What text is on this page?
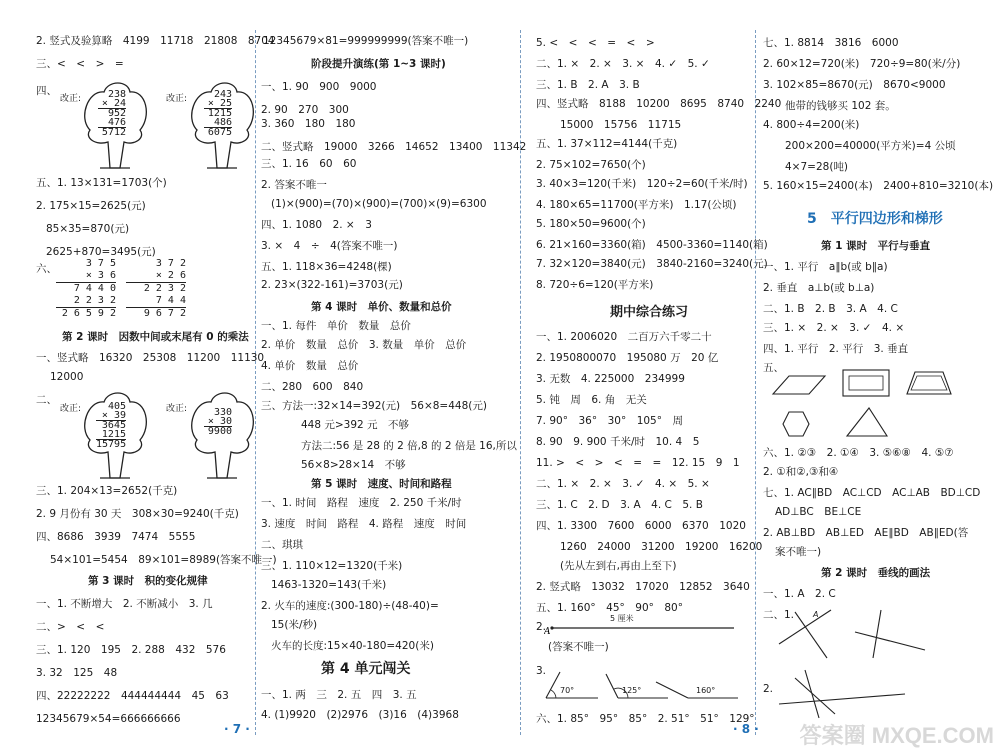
2. 竖式及验算略　4199　11718　21808　8704
三、<　<　>　=
四、
改正:	238
× 24
952
476
5712
改正:	243
× 25
1215
486
6075
五、1. 13×131=1703(个)
2. 175×15=2625(元)
85×35=870(元)
2625+870=3495(元)
六、	3 7 5
× 3 6
7 4 4 0
2 2 3 2
2 6 5 9 2
3 7 2
× 2 6
2 2 3 2
7 4 4
9 6 7 2
第 2 课时　因数中间或末尾有 0 的乘法
一、竖式略　16320　25308　11200　11130
12000
二、
改正:	405
× 39
3645
1215
15795
改正:	330
× 30
9900
三、1. 204×13=2652(千克)
2. 9 月份有 30 天　308×30=9240(千克)
四、8686　3939　7474　5555
54×101=5454　89×101=8989(答案不唯一)
第 3 课时　积的变化规律
一、1. 不断增大　2. 不断减小　3. 几
二、>　<　<
三、1. 120　195　2. 288　432　576
3. 32　125　48
四、22222222　444444444　45　63
12345679×54=666666666
12345679×81=999999999(答案不唯一)
阶段提升演练(第 1~3 课时)
一、1. 90　900　9000
2. 90　270　300
3. 360　180　180
二、竖式略　19000　3266　14652　13400　11342
三、1. 16　60　60
2. 答案不唯一
(1)×(900)=(70)×(900)=(700)×(9)=6300
四、1. 1080　2. ×　3
3. ×　4　÷　4(答案不唯一)
五、1. 118×36=4248(棵)
2. 23×(322-161)=3703(元)
第 4 课时　单价、数量和总价
一、1. 每件　单价　数量　总价
2. 单价　数量　总价　3. 数量　单价　总价
4. 单价　数量　总价
二、280　600　840
三、方法一:32×14=392(元)　56×8=448(元)
448 元>392 元　不够
方法二:56 是 28 的 2 倍,8 的 2 倍是 16,所以
56×8>28×14　不够
第 5 课时　速度、时间和路程
一、1. 时间　路程　速度　2. 250 千米/时
3. 速度　时间　路程　4. 路程　速度　时间
二、琪琪
三、1. 110×12=1320(千米)
1463-1320=143(千米)
2. 火车的速度:(300-180)÷(48-40)=
15(米/秒)
火车的长度:15×40-180=420(米)
第 4 单元闯关
一、1. 两　三　2. 五　四　3. 五
4. (1)9920　(2)2976　(3)16　(4)3968
5. <　<　<　=　<　>
二、1. ×　2. ×　3. ×　4. ✓　5. ✓
三、1. B　2. A　3. B
四、竖式略　8188　10200　8695　8740　2240
15000　15756　11715
五、1. 37×112=4144(千克)
2. 75×102=7650(个)
3. 40×3=120(千米)　120÷2=60(千米/时)
4. 180×65=11700(平方米)　1.17(公顷)
5. 180×50=9600(个)
6. 21×160=3360(箱)　4500-3360=1140(箱)
7. 32×120=3840(元)　3840-2160=3240(元)
8. 720÷6=120(平方米)
期中综合练习
一、1. 2006020　二百万六千零二十
2. 1950800070　195080 万　20 亿
3. 无数　4. 225000　234999
5. 钝　周　6. 角　无关
7. 90°　36°　30°　105°　周
8. 90　9. 900 千米/时　10. 4　5
11. >　<　>　<　=　=　12. 15　9　1
二、1. ×　2. ×　3. ✓　4. ×　5. ×
三、1. C　2. D　3. A　4. C　5. B
四、1. 3300　7600　6000　6370　1020
1260　24000　31200　19200　16200
(先从左到右,再由上至下)
2. 竖式略　13032　17020　12852　3640
五、1. 160°　45°　90°　80°
2.
A
5 厘米
(答案不唯一)
3.
70°	125°	160°
六、1. 85°　95°　85°　2. 51°　51°　129°
七、1. 8814　3816　6000
2. 60×12=720(米)　720÷9=80(米/分)
3. 102×85=8670(元)　8670<9000
他带的钱够买 102 套。
4. 800÷4=200(米)
200×200=40000(平方米)=4 公顷
4×7=28(吨)
5. 160×15=2400(本)　2400+810=3210(本)
5　平行四边形和梯形
第 1 课时　平行与垂直
一、1. 平行　a∥b(或 b∥a)
2. 垂直　a⊥b(或 b⊥a)
二、1. B　2. B　3. A　4. C
三、1. ×　2. ×　3. ✓　4. ×
四、1. 平行　2. 平行　3. 垂直
五、
六、1. ②③　2. ①④　3. ⑤⑥⑧　4. ⑤⑦
2. ①和②,③和④
七、1. AC∥BD　AC⊥CD　AC⊥AB　BD⊥CD
AD⊥BC　BE⊥CE
2. AB⊥BD　AB⊥ED　AE∥BD　AB∥ED(答
案不唯一)
第 2 课时　垂线的画法
一、1. A　2. C
二、1. A
2.
· 7 ·	· 8 · 答案圈 MXQE.COM
